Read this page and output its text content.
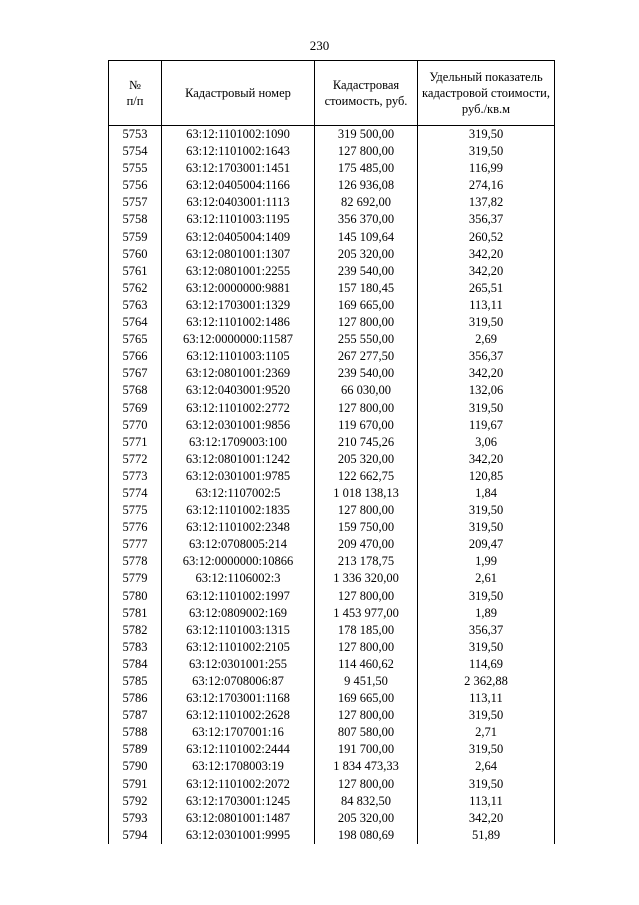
230
№
п/п	Кадастровый номер	Кадастровая стоимость, руб.	Удельный показатель кадастровой стоимости, руб./кв.м
5753	63:12:1101002:1090	319 500,00	319,50
5754	63:12:1101002:1643	127 800,00	319,50
5755	63:12:1703001:1451	175 485,00	116,99
5756	63:12:0405004:1166	126 936,08	274,16
5757	63:12:0403001:1113	82 692,00	137,82
5758	63:12:1101003:1195	356 370,00	356,37
5759	63:12:0405004:1409	145 109,64	260,52
5760	63:12:0801001:1307	205 320,00	342,20
5761	63:12:0801001:2255	239 540,00	342,20
5762	63:12:0000000:9881	157 180,45	265,51
5763	63:12:1703001:1329	169 665,00	113,11
5764	63:12:1101002:1486	127 800,00	319,50
5765	63:12:0000000:11587	255 550,00	2,69
5766	63:12:1101003:1105	267 277,50	356,37
5767	63:12:0801001:2369	239 540,00	342,20
5768	63:12:0403001:9520	66 030,00	132,06
5769	63:12:1101002:2772	127 800,00	319,50
5770	63:12:0301001:9856	119 670,00	119,67
5771	63:12:1709003:100	210 745,26	3,06
5772	63:12:0801001:1242	205 320,00	342,20
5773	63:12:0301001:9785	122 662,75	120,85
5774	63:12:1107002:5	1 018 138,13	1,84
5775	63:12:1101002:1835	127 800,00	319,50
5776	63:12:1101002:2348	159 750,00	319,50
5777	63:12:0708005:214	209 470,00	209,47
5778	63:12:0000000:10866	213 178,75	1,99
5779	63:12:1106002:3	1 336 320,00	2,61
5780	63:12:1101002:1997	127 800,00	319,50
5781	63:12:0809002:169	1 453 977,00	1,89
5782	63:12:1101003:1315	178 185,00	356,37
5783	63:12:1101002:2105	127 800,00	319,50
5784	63:12:0301001:255	114 460,62	114,69
5785	63:12:0708006:87	9 451,50	2 362,88
5786	63:12:1703001:1168	169 665,00	113,11
5787	63:12:1101002:2628	127 800,00	319,50
5788	63:12:1707001:16	807 580,00	2,71
5789	63:12:1101002:2444	191 700,00	319,50
5790	63:12:1708003:19	1 834 473,33	2,64
5791	63:12:1101002:2072	127 800,00	319,50
5792	63:12:1703001:1245	84 832,50	113,11
5793	63:12:0801001:1487	205 320,00	342,20
5794	63:12:0301001:9995	198 080,69	51,89
